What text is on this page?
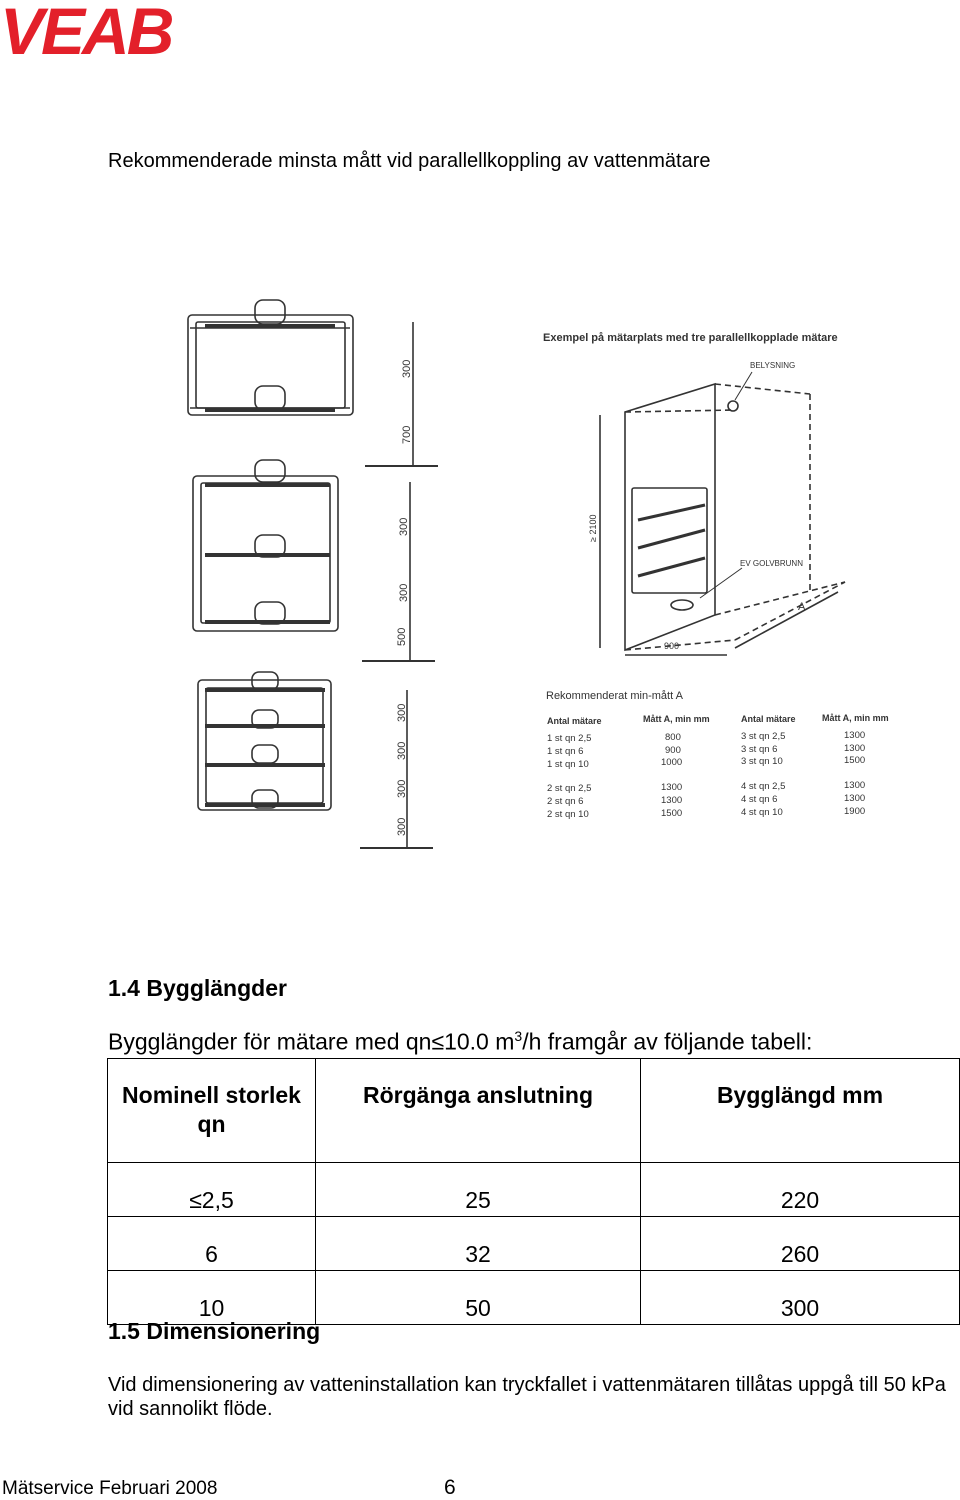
VEAB
Rekommenderade minsta mått vid parallellkoppling av vattenmätare
300
700
300
300
500
300
300
300
300
Exempel på mätarplats med tre parallellkopplade mätare
BELYSNING
EV GOLVBRUNN
≥ 2100
900
A
Rekommenderat min-mått A
Antal mätare	Mått A, min mm	Antal mätare	Mått A, min mm
1 st qn 2,5	800	3 st qn 2,5	1300
1 st qn 6	900	3 st qn 6	1300
1 st qn 10	1000	3 st qn 10	1500
2 st qn 2,5	1300	4 st qn 2,5	1300
2 st qn 6	1300	4 st qn 6	1300
2 st qn 10	1500	4 st qn 10	1900
1.4 Bygglängder
Bygglängder för mätare med qn≤10.0 $m^3/h$ framgår av följande tabell:
Nominell storlek qn	Rörgänga anslutning	Bygglängd mm
≤2,5	25	220
6	32	260
10	50	300
1.5 Dimensionering
Vid dimensionering av vatteninstallation kan tryckfallet i vattenmätaren tillåtas uppgå till 50 kPa vid sannolikt flöde.
Mätservice Februari 2008	6
